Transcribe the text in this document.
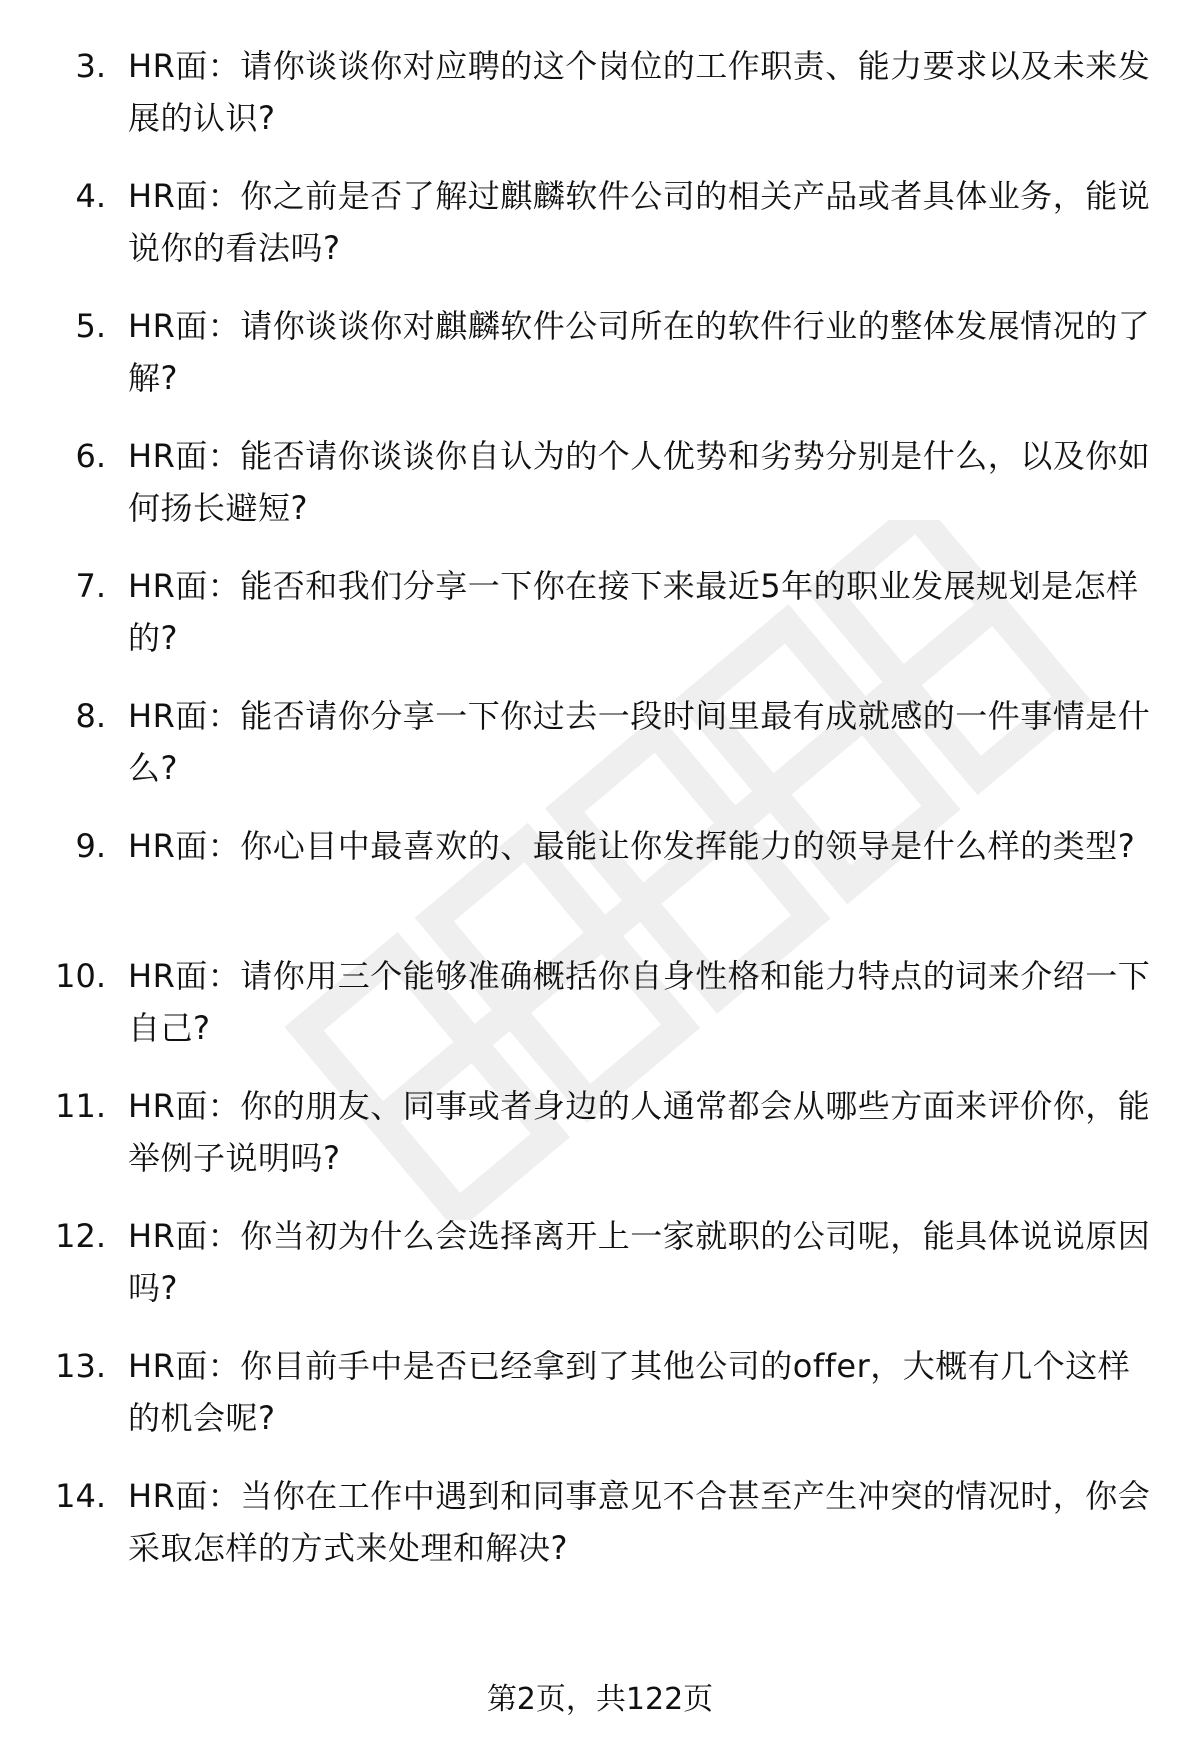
3. HR面：请你谈谈你对应聘的这个岗位的工作职责、能力要求以及未来发展的认识?
4. HR面：你之前是否了解过麒麟软件公司的相关产品或者具体业务，能说说你的看法吗?
5. HR面：请你谈谈你对麒麟软件公司所在的软件行业的整体发展情况的了解?
6. HR面：能否请你谈谈你自认为的个人优势和劣势分别是什么，以及你如何扬长避短?
7. HR面：能否和我们分享一下你在接下来最近5年的职业发展规划是怎样的?
8. HR面：能否请你分享一下你过去一段时间里最有成就感的一件事情是什么?
9. HR面：你心目中最喜欢的、最能让你发挥能力的领导是什么样的类型?
10. HR面：请你用三个能够准确概括你自身性格和能力特点的词来介绍一下自己?
11. HR面：你的朋友、同事或者身边的人通常都会从哪些方面来评价你，能举例子说明吗?
12. HR面：你当初为什么会选择离开上一家就职的公司呢，能具体说说原因吗?
13. HR面：你目前手中是否已经拿到了其他公司的offer，大概有几个这样的机会呢?
14. HR面：当你在工作中遇到和同事意见不合甚至产生冲突的情况时，你会采取怎样的方式来处理和解决?
第2页，共122页
